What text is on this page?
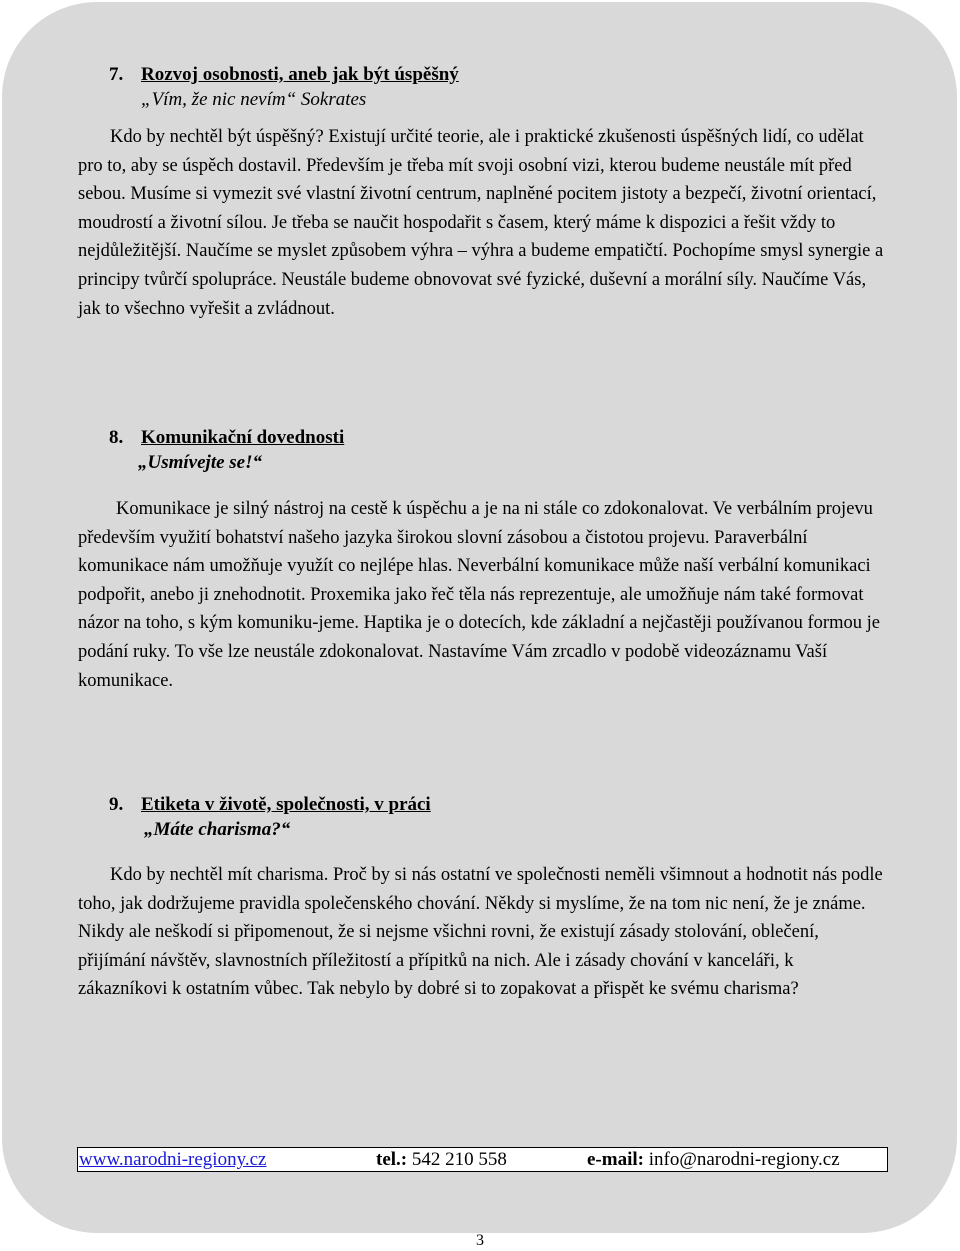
7. Rozvoj osobnosti, aneb jak být úspěšný
„Vím, že nic nevím“ Sokrates

Kdo by nechtěl být úspěšný? Existují určité teorie, ale i praktické zkušenosti úspěšných lidí, co udělat pro to, aby se úspěch dostavil. Především je třeba mít svoji osobní vizi, kterou budeme neustále mít před sebou. Musíme si vymezit své vlastní životní centrum, naplněné pocitem jistoty a bezpečí, životní orientací, moudrostí a životní sílou. Je třeba se naučit hospodařit s časem, který máme k dispozici a řešit vždy to nejdůležitější. Naučíme se myslet způsobem výhra – výhra a budeme empatičtí. Pochopíme smysl synergie a principy tvůrčí spolupráce. Neustále budeme obnovovat své fyzické, duševní a morální síly. Naučíme Vás, jak to všechno vyřešit a zvládnout.

8. Komunikační dovednosti
„Usmívejte se!“

Komunikace je silný nástroj na cestě k úspěchu a je na ni stále co zdokonalovat. Ve verbálním projevu především využití bohatství našeho jazyka širokou slovní zásobou a čistotou projevu. Paraverbální komunikace nám umožňuje využít co nejlépe hlas. Neverbální komunikace může naší verbální komunikaci podpořit, anebo ji znehodnotit. Proxemika jako řeč těla nás reprezentuje, ale umožňuje nám také formovat názor na toho, s kým komuniku-jeme. Haptika je o dotecích, kde základní a nejčastěji používanou formou je podání ruky. To vše lze neustále zdokonalovat. Nastavíme Vám zrcadlo v podobě videozáznamu Vaší komunikace.

9. Etiketa v životě, společnosti, v práci
„Máte charisma?“

Kdo by nechtěl mít charisma. Proč by si nás ostatní ve společnosti neměli všimnout a hodnotit nás podle toho, jak dodržujeme pravidla společenského chování. Někdy si myslíme, že na tom nic není, že je známe. Nikdy ale neškodí si připomenout, že si nejsme všichni rovni, že existují zásady stolování, oblečení, přijímání návštěv, slavnostních příležitostí a přípitků na nich. Ale i zásady chování v kanceláři, k zákazníkovi k ostatním vůbec. Tak nebylo by dobré si to zopakovat a přispět ke svému charisma?

www.narodni-regiony.cz	tel.: 542 210 558	e-mail: info@narodni-regiony.cz
3
